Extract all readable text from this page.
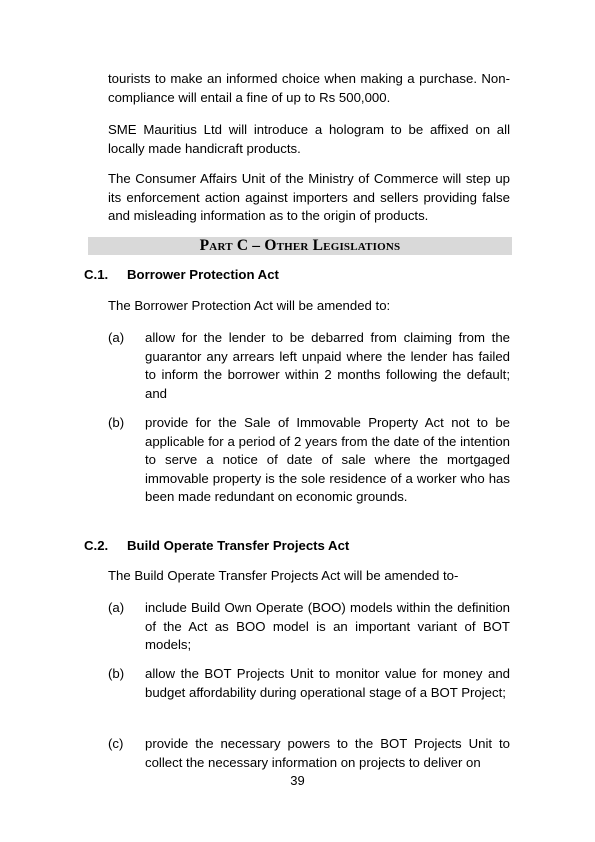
tourists to make an informed choice when making a purchase. Non-compliance will entail a fine of up to Rs 500,000.

SME Mauritius Ltd will introduce a hologram to be affixed on all locally made handicraft products.

The Consumer Affairs Unit of the Ministry of Commerce will step up its enforcement action against importers and sellers providing false and misleading information as to the origin of products.

Part C – Other Legislations
C.1. Borrower Protection Act

The Borrower Protection Act will be amended to:

(a) allow for the lender to be debarred from claiming from the guarantor any arrears left unpaid where the lender has failed to inform the borrower within 2 months following the default; and
(b) provide for the Sale of Immovable Property Act not to be applicable for a period of 2 years from the date of the intention to serve a notice of date of sale where the mortgaged immovable property is the sole residence of a worker who has been made redundant on economic grounds.
C.2. Build Operate Transfer Projects Act

The Build Operate Transfer Projects Act will be amended to-

(a) include Build Own Operate (BOO) models within the definition of the Act as BOO model is an important variant of BOT models;
(b) allow the BOT Projects Unit to monitor value for money and budget affordability during operational stage of a BOT Project;
(c) provide the necessary powers to the BOT Projects Unit to collect the necessary information on projects to deliver on
39
